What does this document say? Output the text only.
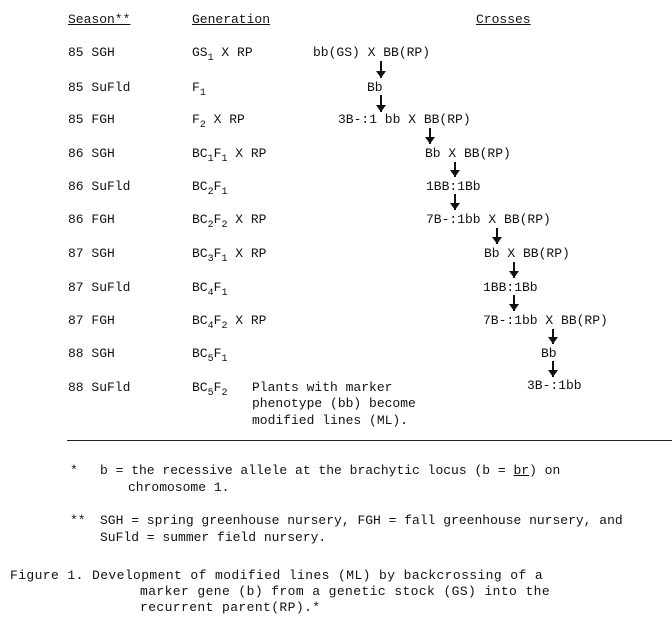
Season**	Generation	Crosses
85 SGH
85 SuFld
85 FGH
86 SGH
86 SuFld
86 FGH
87 SGH
87 SuFld
87 FGH
88 SGH
88 SuFld
$GS_1$ X RP
$F_1$
$F_2$ X RP
$BC_1F_1$ X RP
$BC_2F_1$
$BC_2F_2$ X RP
$BC_3F_1$ X RP
$BC_4F_1$
$BC_4F_2$ X RP
$BC_5F_1$
$BC_5F_2$ Plants with marker
phenotype (bb) become
modified lines (ML).
bb(GS) X BB(RP)
Bb
3B-:1 bb X BB(RP)
Bb X BB(RP)
1BB:1Bb
7B-:1bb X BB(RP)
Bb X BB(RP)
1BB:1Bb
7B-:1bb X BB(RP)
Bb
3B-:1bb
* b = the recessive allele at the brachytic locus (b = br) on
chromosome 1.
** SGH = spring greenhouse nursery, FGH = fall greenhouse nursery, and
SuFld = summer field nursery.
Figure 1. Development of modified lines (ML) by backcrossing of a
marker gene (b) from a genetic stock (GS) into the
recurrent parent(RP).*
